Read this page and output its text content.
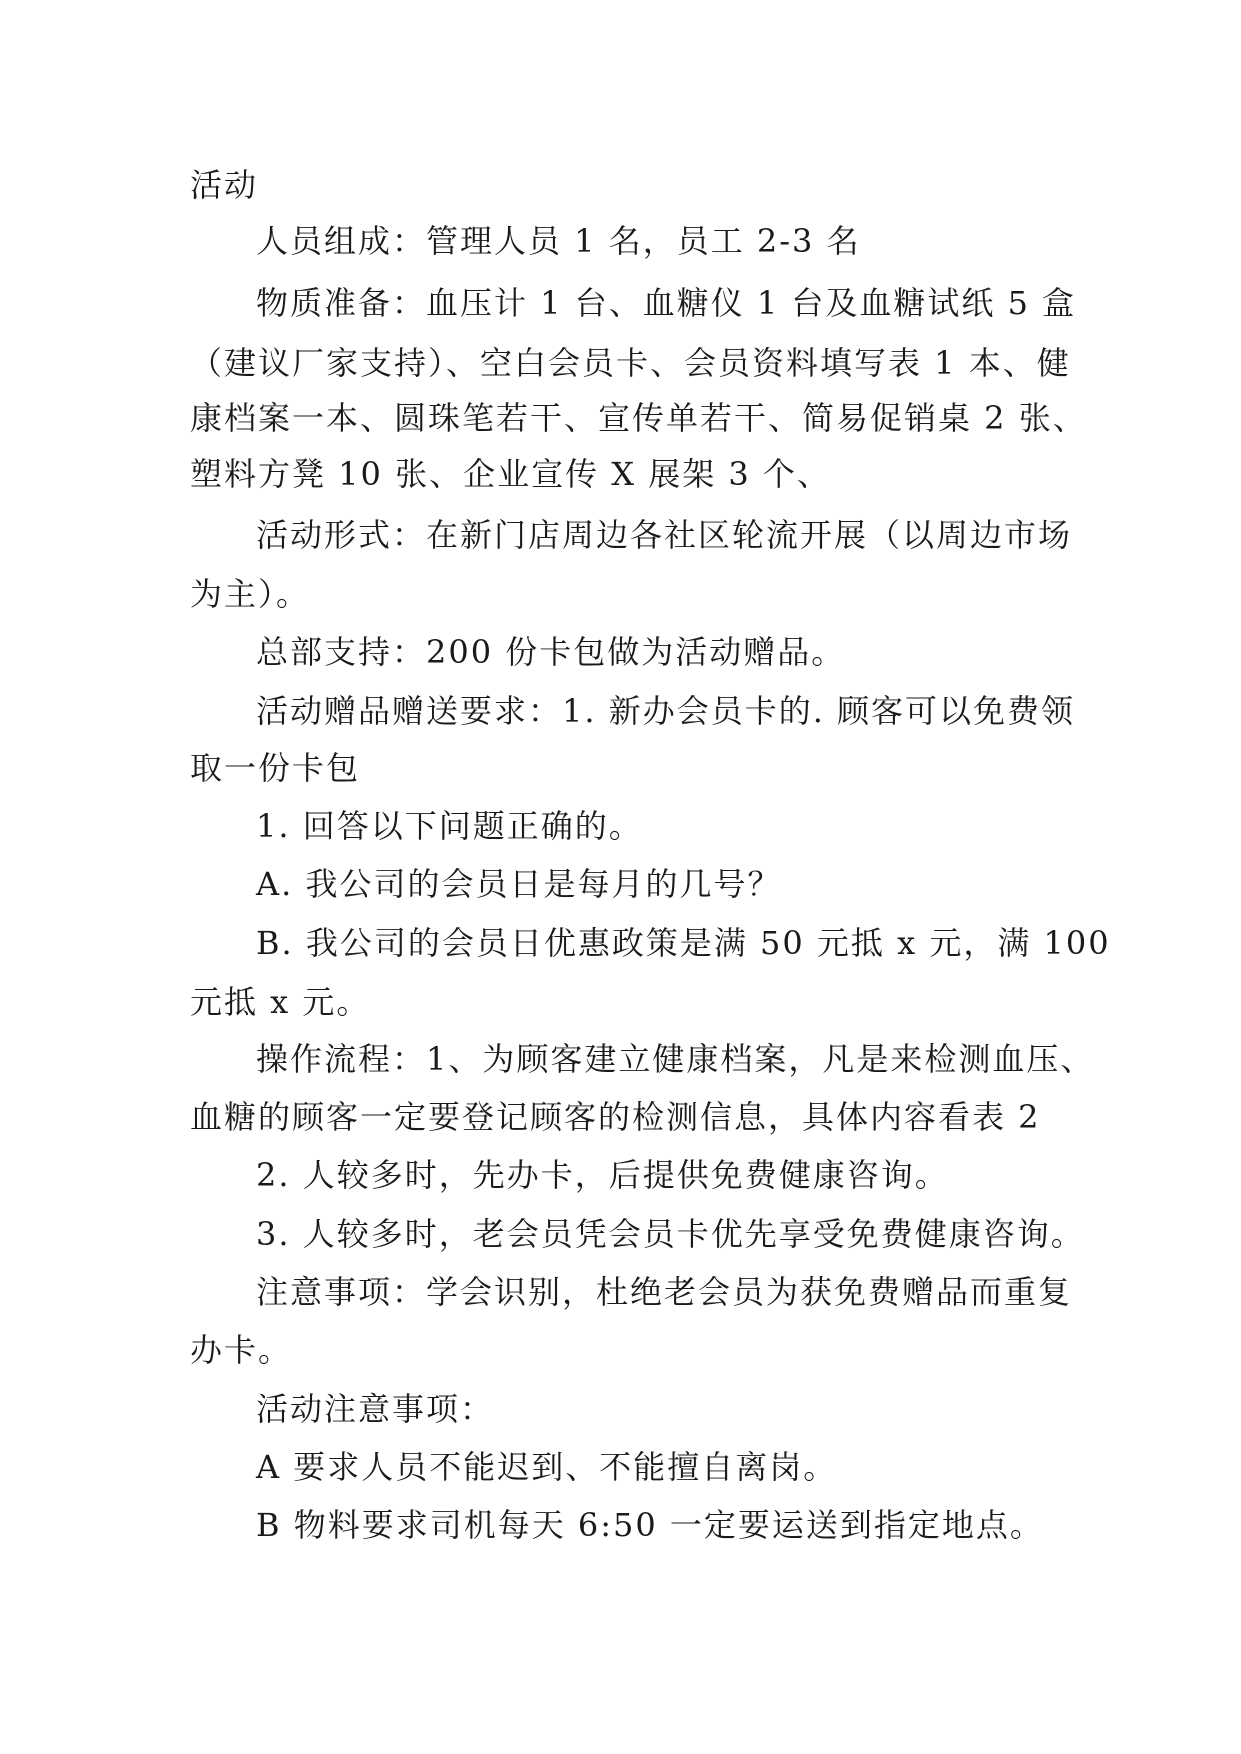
活动
人员组成：管理人员 1 名，员工 2-3 名
物质准备：血压计 1 台、血糖仪 1 台及血糖试纸 5 盒
（建议厂家支持）、空白会员卡、会员资料填写表 1 本、健
康档案一本、圆珠笔若干、宣传单若干、简易促销桌 2 张、
塑料方凳 10 张、企业宣传 X 展架 3 个、
活动形式：在新门店周边各社区轮流开展（以周边市场
为主）。
总部支持：200 份卡包做为活动赠品。
活动赠品赠送要求：1. 新办会员卡的. 顾客可以免费领
取一份卡包
1. 回答以下问题正确的。
A. 我公司的会员日是每月的几号？
B. 我公司的会员日优惠政策是满 50 元抵 x 元，满 100
元抵 x 元。
操作流程：1、为顾客建立健康档案，凡是来检测血压、
血糖的顾客一定要登记顾客的检测信息，具体内容看表 2
2. 人较多时，先办卡，后提供免费健康咨询。
3. 人较多时，老会员凭会员卡优先享受免费健康咨询。
注意事项：学会识别，杜绝老会员为获免费赠品而重复
办卡。
活动注意事项：
A 要求人员不能迟到、不能擅自离岗。
B 物料要求司机每天 6:50 一定要运送到指定地点。
